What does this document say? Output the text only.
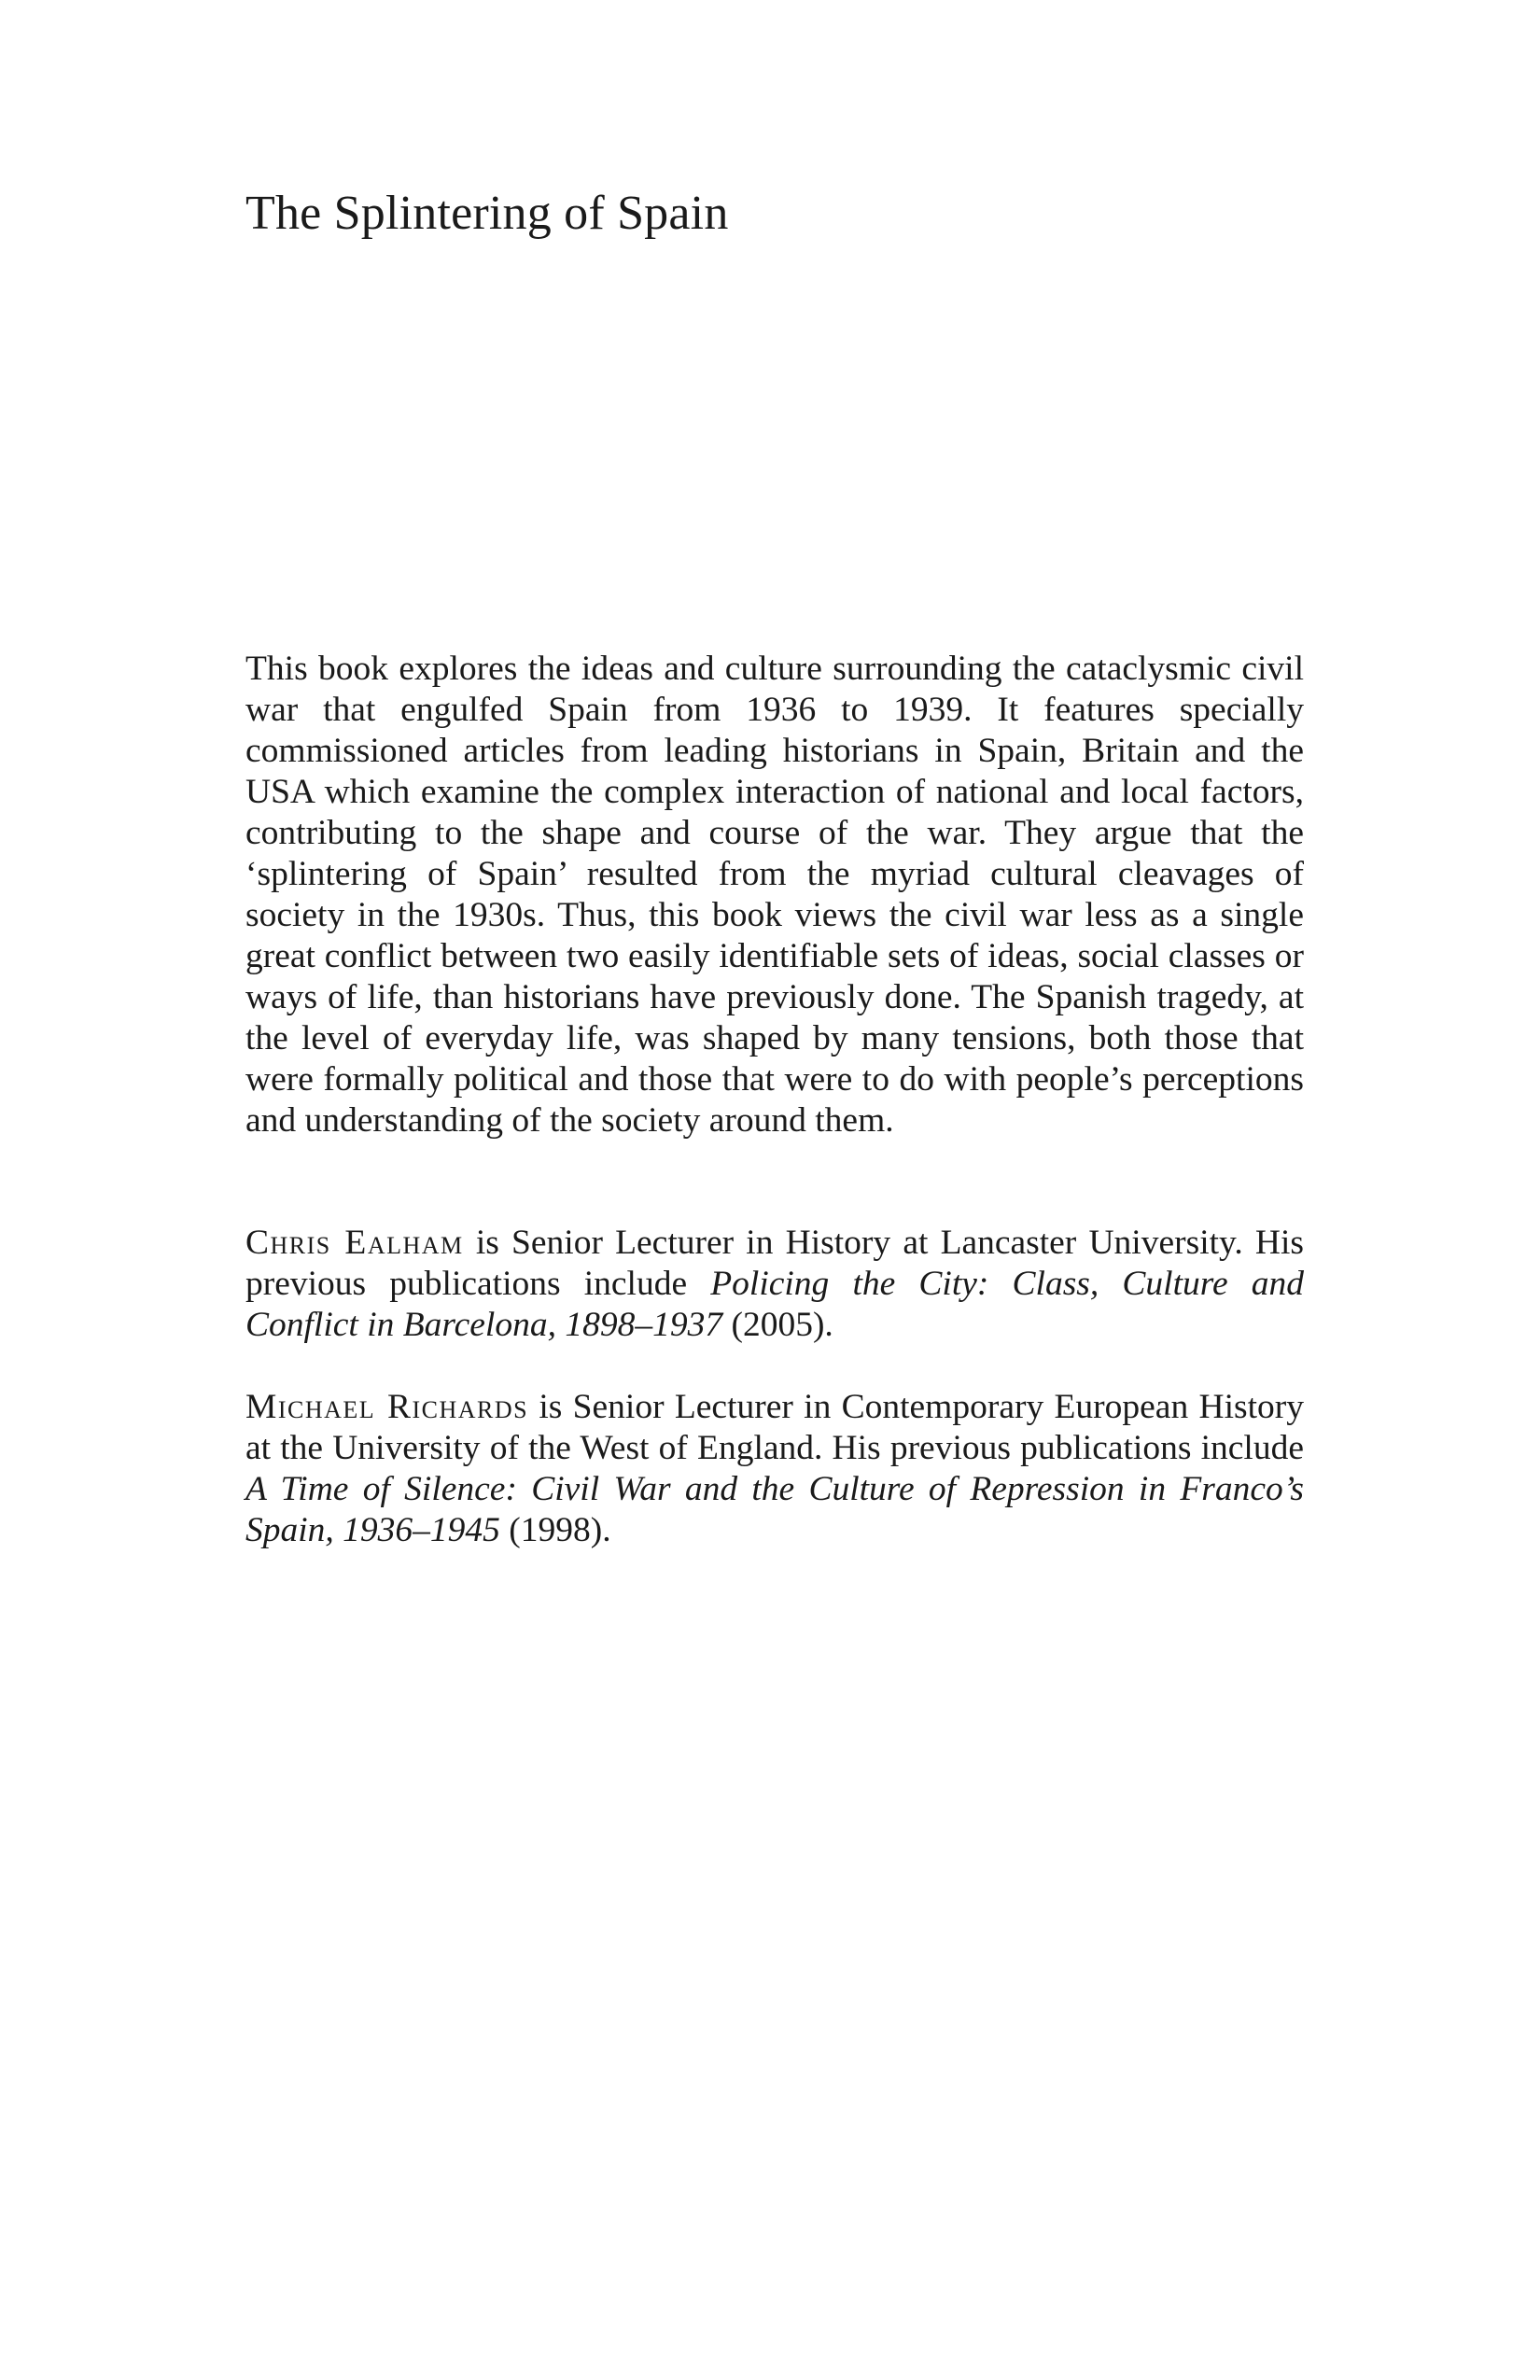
The Splintering of Spain

This book explores the ideas and culture surrounding the cataclysmic civil war that engulfed Spain from 1936 to 1939. It features specially commissioned articles from leading historians in Spain, Britain and the USA which examine the complex interaction of national and local factors, contributing to the shape and course of the war. They argue that the ‘splintering of Spain’ resulted from the myriad cultural cleavages of society in the 1930s. Thus, this book views the civil war less as a single great conflict between two easily identifiable sets of ideas, social classes or ways of life, than historians have previously done. The Spanish tragedy, at the level of everyday life, was shaped by many tensions, both those that were formally political and those that were to do with people’s perceptions and understanding of the society around them.

Chris Ealham is Senior Lecturer in History at Lancaster University. His previous publications include Policing the City: Class, Culture and Conflict in Barcelona, 1898–1937 (2005).

Michael Richards is Senior Lecturer in Contemporary European History at the University of the West of England. His previous publications include A Time of Silence: Civil War and the Culture of Repression in Franco’s Spain, 1936–1945 (1998).
